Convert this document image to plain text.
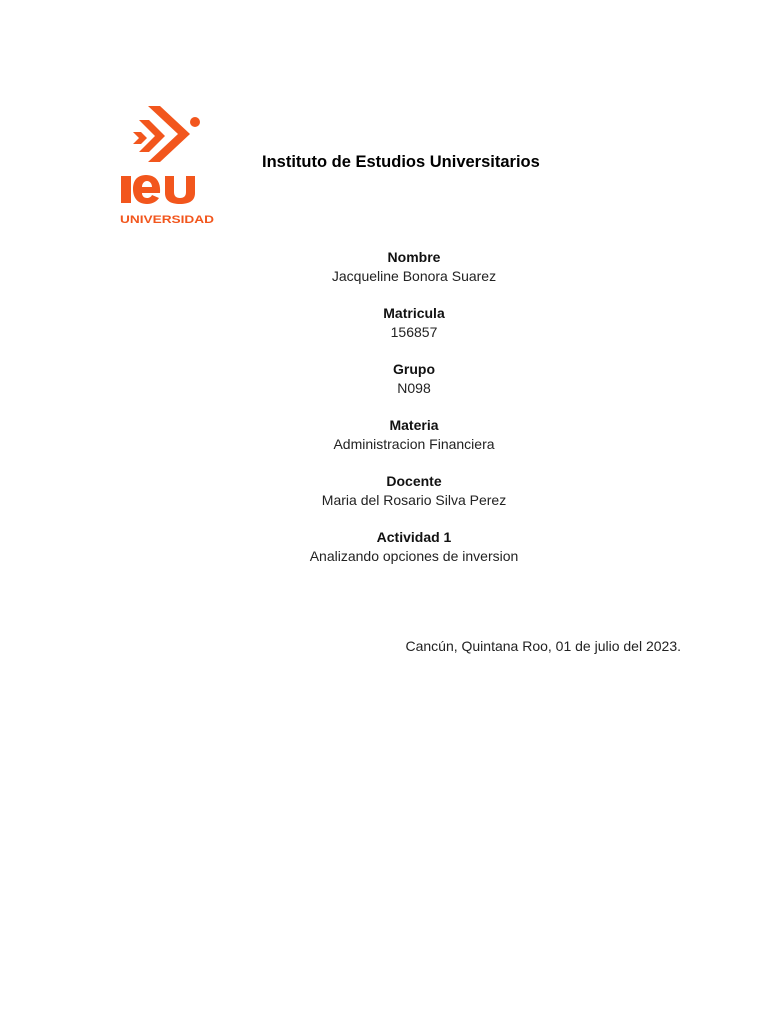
UNIVERSIDAD
Instituto de Estudios Universitarios
Nombre
Jacqueline Bonora Suarez
Matricula
156857
Grupo
N098
Materia
Administracion Financiera
Docente
Maria del Rosario Silva Perez
Actividad 1
Analizando opciones de inversion
Cancún, Quintana Roo, 01 de julio del 2023.
